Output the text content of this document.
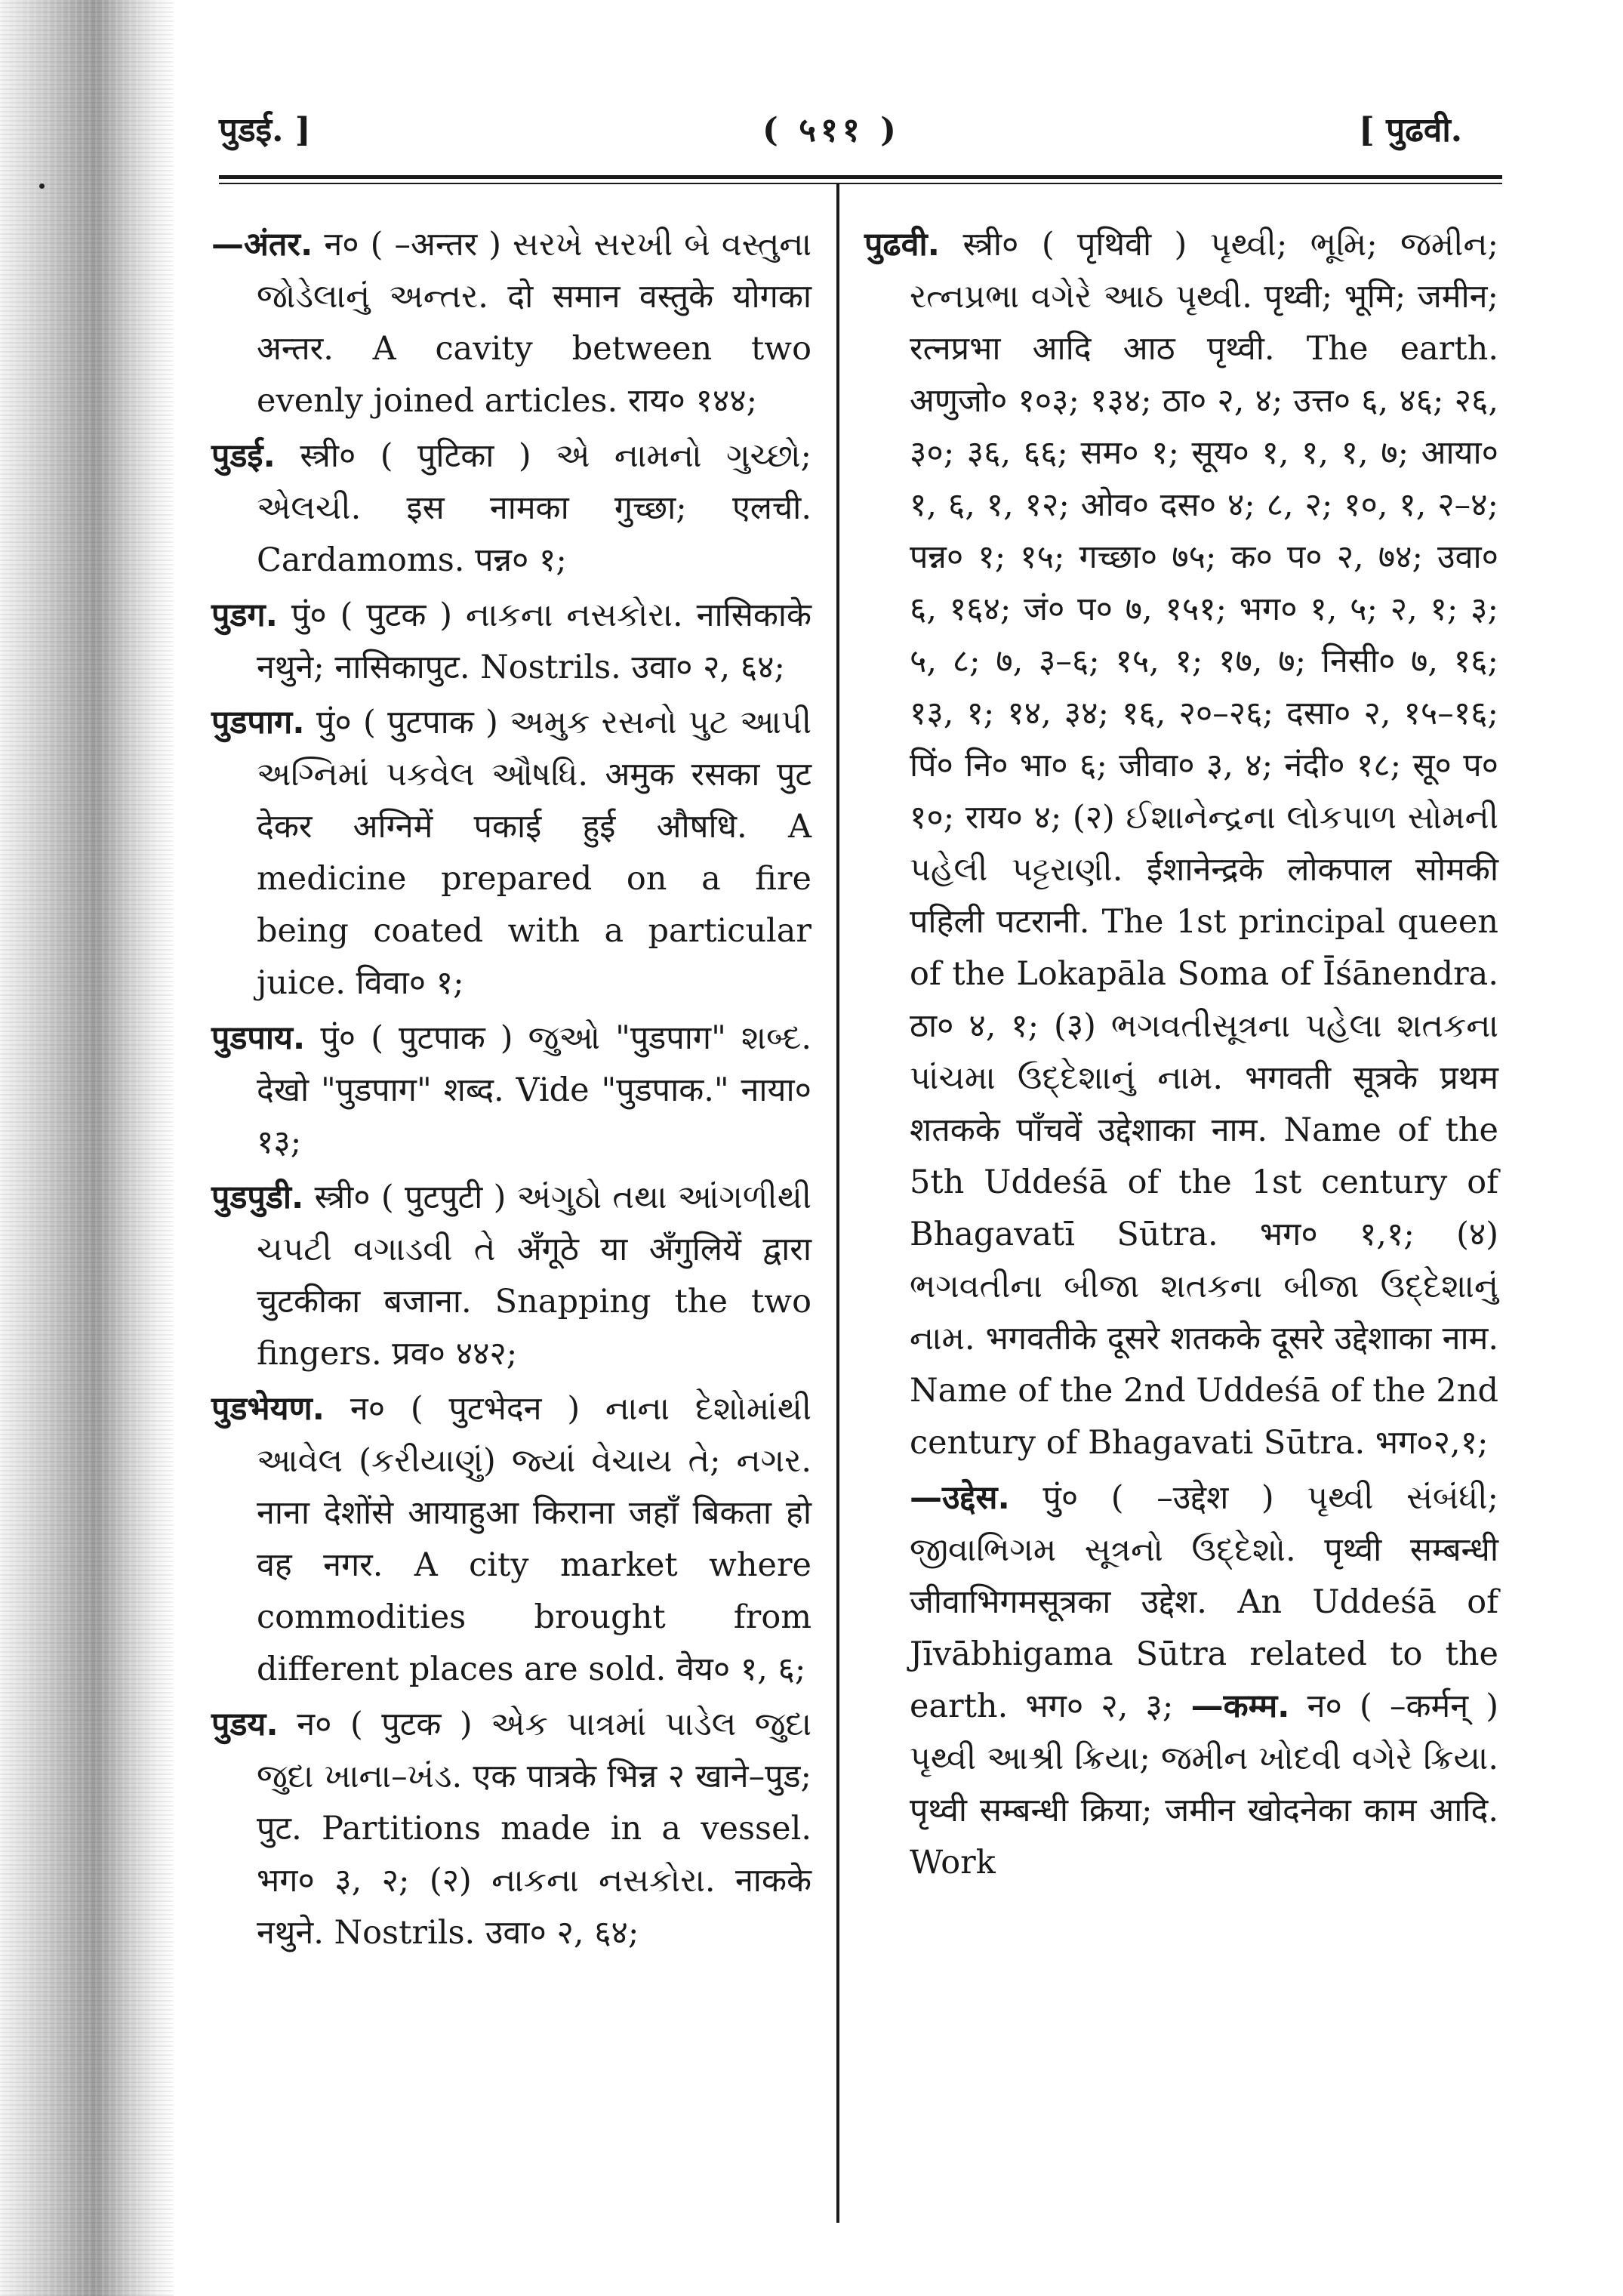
पुडई. ]	( ५११ )	[ पुढवी.

—अंतर. न० ( –अन्तर ) સરખે સરખી બે વસ્તુના જોડેલાનું અન્તર. दो समान वस्तुके योगका अन्तर. A cavity between two evenly joined articles. राय० १४४;

पुडई. स्त्री० ( पुटिका ) એ નામનો ગુચ્છો; એલચી. इस नामका गुच्छा; एलची. Cardamoms. पन्न० १;

पुडग. पुं० ( पुटक ) નાકના નસકોરા. नासिकाके नथुने; नासिकापुट. Nostrils. उवा० २, ६४;

पुडपाग. पुं० ( पुटपाक ) અમુક રસનો પુટ આપી અગ્નિમાં પકવેલ ઔષધિ. अमुक रसका पुट देकर अग्निमें पकाई हुई औषधि. A medicine prepared on a fire being coated with a particular juice. विवा० १;

पुडपाय. पुं० ( पुटपाक ) જુઓ "पुडपाग" શબ્દ. देखो "पुडपाग" शब्द. Vide "पुडपाक." नाया० १३;

पुडपुडी. स्त्री० ( पुटपुटी ) અંગુઠો તથા આંગળીથી ચપટી વગાડવી તે अँगूठे या अँगुलियें द्वारा चुटकीका बजाना. Snapping the two fingers. प्रव० ४४२;

पुडभेयण. न० ( पुटभेदन ) નાના દેશોમાંથી આવેલ (કરીયાણું) જ્યાં વેચાય તે; નગર. नाना देशोंसे आयाहुआ किराना जहाँ बिकता हो वह नगर. A city market where commodities brought from different places are sold. वेय० १, ६;

पुडय. न० ( पुटक ) એક પાત્રમાં પાડેલ જુદા જુદા ખાના–ખંડ. एक पात्रके भिन्न २ खाने–पुड; पुट. Partitions made in a vessel. भग० ३, २; (२) નાકના નસકોરા. नाकके नथुने. Nostrils. उवा० २, ६४;

पुढवी. स्त्री० ( पृथिवी ) પૃથ્વી; ભૂમિ; જમીન; રત્નપ્રભા વગેરે આઠ પૃથ્વી. पृथ्वी; भूमि; जमीन; रत्नप्रभा आदि आठ पृथ्वी. The earth. अणुजो० १०३; १३४; ठा० २, ४; उत्त० ६, ४६; २६, ३०; ३६, ६६; सम० १; सूय० १, १, १, ७; आया० १, ६, १, १२; ओव० दस० ४; ८, २; १०, १, २–४; पन्न० १; १५; गच्छा० ७५; क० प० २, ७४; उवा० ६, १६४; जं० प० ७, १५१; भग० १, ५; २, १; ३; ५, ८; ७, ३–६; १५, १; १७, ७; निसी० ७, १६; १३, १; १४, ३४; १६, २०–२६; दसा० २, १५–१६; पिं० नि० भा० ६; जीवा० ३, ४; नंदी० १८; सू० प० १०; राय० ४; (२) ઈશાનેન્દ્રના લોકપાળ સોમની પહેલી પટ્ટરાણી. ईशानेन्द्रके लोकपाल सोमकी पहिली पटरानी. The 1st principal queen of the Lokapāla Soma of Īśānendra. ठा० ४, १; (३) ભગવતીસૂત્રના પહેલા શતકના પાંચમા ઉદ્દેશાનું નામ. भगवती सूत्रके प्रथम शतकके पाँचवें उद्देशाका नाम. Name of the 5th Uddeśā of the 1st century of Bhagavatī Sūtra. भग० १,१; (४) ભગવતીના બીજા શતકના બીજા ઉદ્દેશાનું નામ. भगवतीके दूसरे शतकके दूसरे उद्देशाका नाम. Name of the 2nd Uddeśā of the 2nd century of Bhagavati Sūtra. भग०२,१;

—उद्देस. पुं० ( –उद्देश ) પૃથ્વી સંબંધી; જીવાભિગમ સૂત્રનો ઉદ્દેશો. पृथ्वी सम्बन्धी जीवाभिगमसूत्रका उद्देश. An Uddeśā of Jīvābhigama Sūtra related to the earth. भग० २, ३; —कम्म. न० ( –कर्मन् ) પૃથ્વી આશ્રી ક્રિયા; જમીન ખોદવી વગેરે ક્રિયા. पृथ्वी सम्बन्धी क्रिया; जमीन खोदनेका काम आदि. Work
